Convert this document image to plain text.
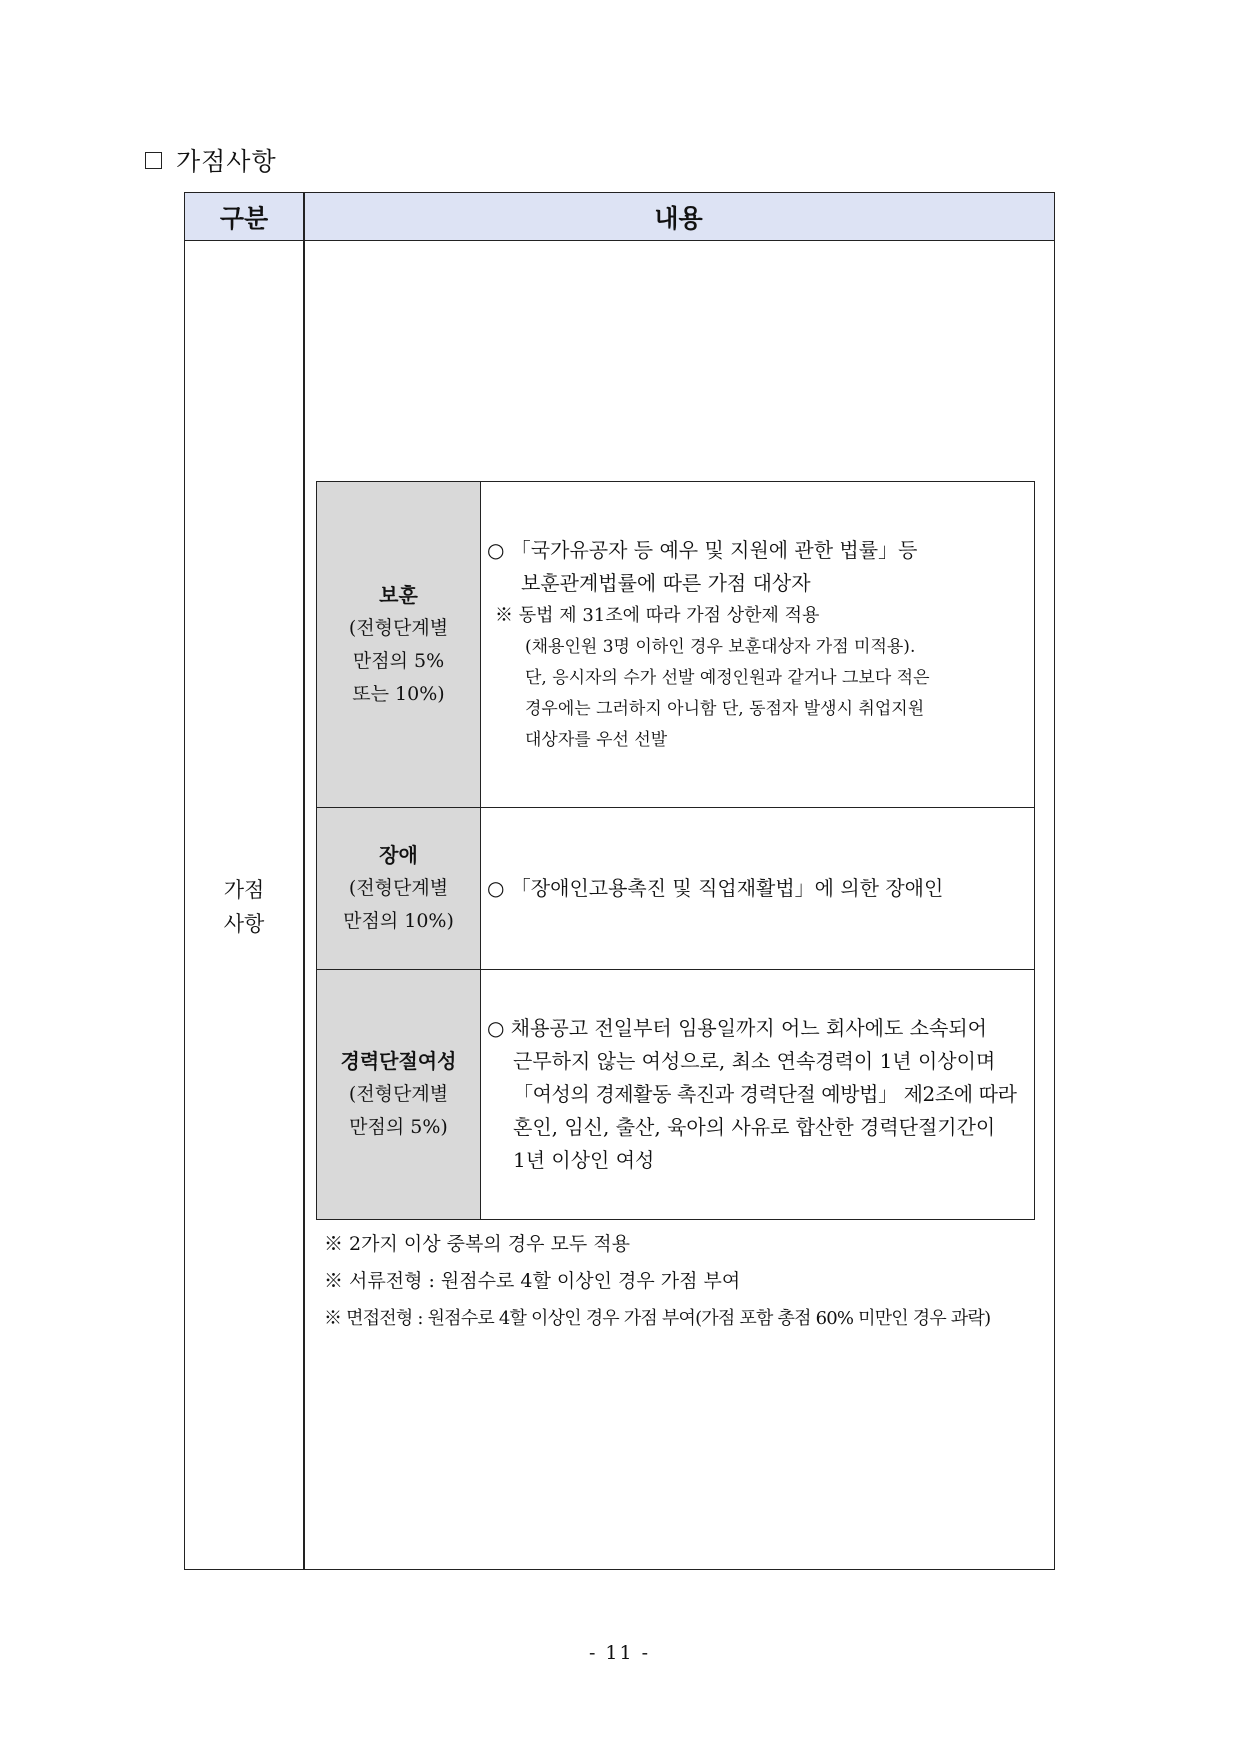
가점사항
구분	내용
가점
사항
보훈
(전형단계별
만점의 5%
또는 10%)
○ 「국가유공자 등 예우 및 지원에 관한 법률」등
보훈관계법률에 따른 가점 대상자
※ 동법 제 31조에 따라 가점 상한제 적용
(채용인원 3명 이하인 경우 보훈대상자 가점 미적용).
단, 응시자의 수가 선발 예정인원과 같거나 그보다 적은
경우에는 그러하지 아니함 단, 동점자 발생시 취업지원
대상자를 우선 선발
장애
(전형단계별
만점의 10%)
○ 「장애인고용촉진 및 직업재활법」에 의한 장애인
경력단절여성
(전형단계별
만점의 5%)
○ 채용공고 전일부터 임용일까지 어느 회사에도 소속되어
근무하지 않는 여성으로, 최소 연속경력이 1년 이상이며
「여성의 경제활동 촉진과 경력단절 예방법」 제2조에 따라
혼인, 임신, 출산, 육아의 사유로 합산한 경력단절기간이
1년 이상인 여성
※ 2가지 이상 중복의 경우 모두 적용
※ 서류전형 : 원점수로 4할 이상인 경우 가점 부여
※ 면접전형 : 원점수로 4할 이상인 경우 가점 부여(가점 포함 총점 60% 미만인 경우 과락)
- 11 -
